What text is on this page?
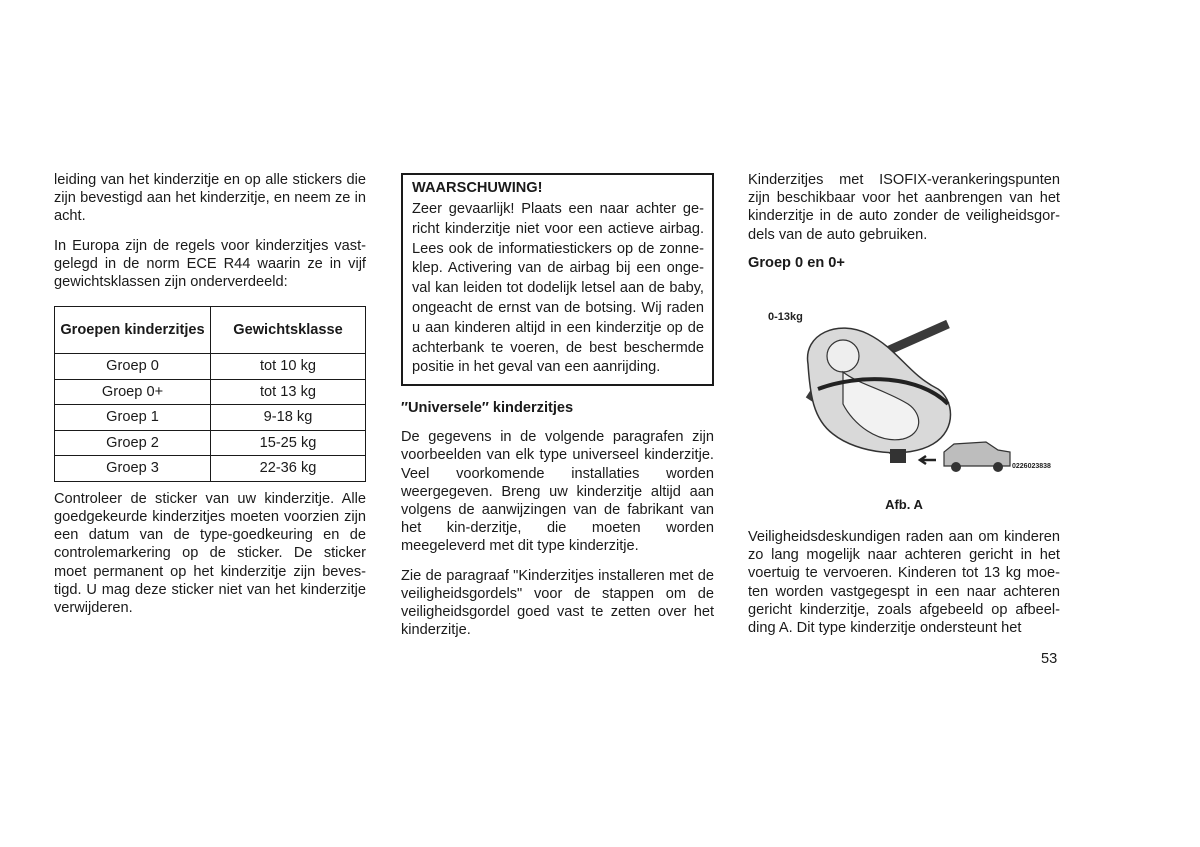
leiding van het kinderzitje en op alle stickers die zijn bevestigd aan het kinderzitje, en neem ze in acht.

In Europa zijn de regels voor kinderzitjes vast-gelegd in de norm ECE R44 waarin ze in vijf gewichtsklassen zijn onderverdeeld:

Groepen kinderzitjes	Gewichtsklasse
Groep 0	tot 10 kg
Groep 0+	tot 13 kg
Groep 1	9-18 kg
Groep 2	15-25 kg
Groep 3	22-36 kg

Controleer de sticker van uw kinderzitje. Alle goedgekeurde kinderzitjes moeten voorzien zijn een datum van de type-goedkeuring en de controlemarkering op de sticker. De sticker moet permanent op het kinderzitje zijn beves-tigd. U mag deze sticker niet van het kinderzitje verwijderen.

WAARSCHUWING!
Zeer gevaarlijk! Plaats een naar achter ge-richt kinderzitje niet voor een actieve airbag. Lees ook de informatiestickers op de zonne-klep. Activering van de airbag bij een onge-val kan leiden tot dodelijk letsel aan de baby, ongeacht de ernst van de botsing. Wij raden u aan kinderen altijd in een kinderzitje op de achterbank te voeren, de best beschermde positie in het geval van een aanrijding.

″Universele″ kinderzitjes

De gegevens in de volgende paragrafen zijn voorbeelden van elk type universeel kinderzitje. Veel voorkomende installaties worden weergegeven. Breng uw kinderzitje altijd aan volgens de aanwijzingen van de fabrikant van het kin-derzitje, die moeten worden meegeleverd met dit type kinderzitje.

Zie de paragraaf "Kinderzitjes installeren met de veiligheidsgordels" voor de stappen om de veiligheidsgordel goed vast te zetten over het kinderzitje.

Kinderzitjes met ISOFIX-verankeringspunten zijn beschikbaar voor het aanbrengen van het kinderzitje in de auto zonder de veiligheidsgor-dels van de auto gebruiken.

Groep 0 en 0+

0-13kg
0226023838
Afb. A

Veiligheidsdeskundigen raden aan om kinderen zo lang mogelijk naar achteren gericht in het voertuig te vervoeren. Kinderen tot 13 kg moe-ten worden vastgegespt in een naar achteren gericht kinderzitje, zoals afgebeeld op afbeel-ding A. Dit type kinderzitje ondersteunt het

53
